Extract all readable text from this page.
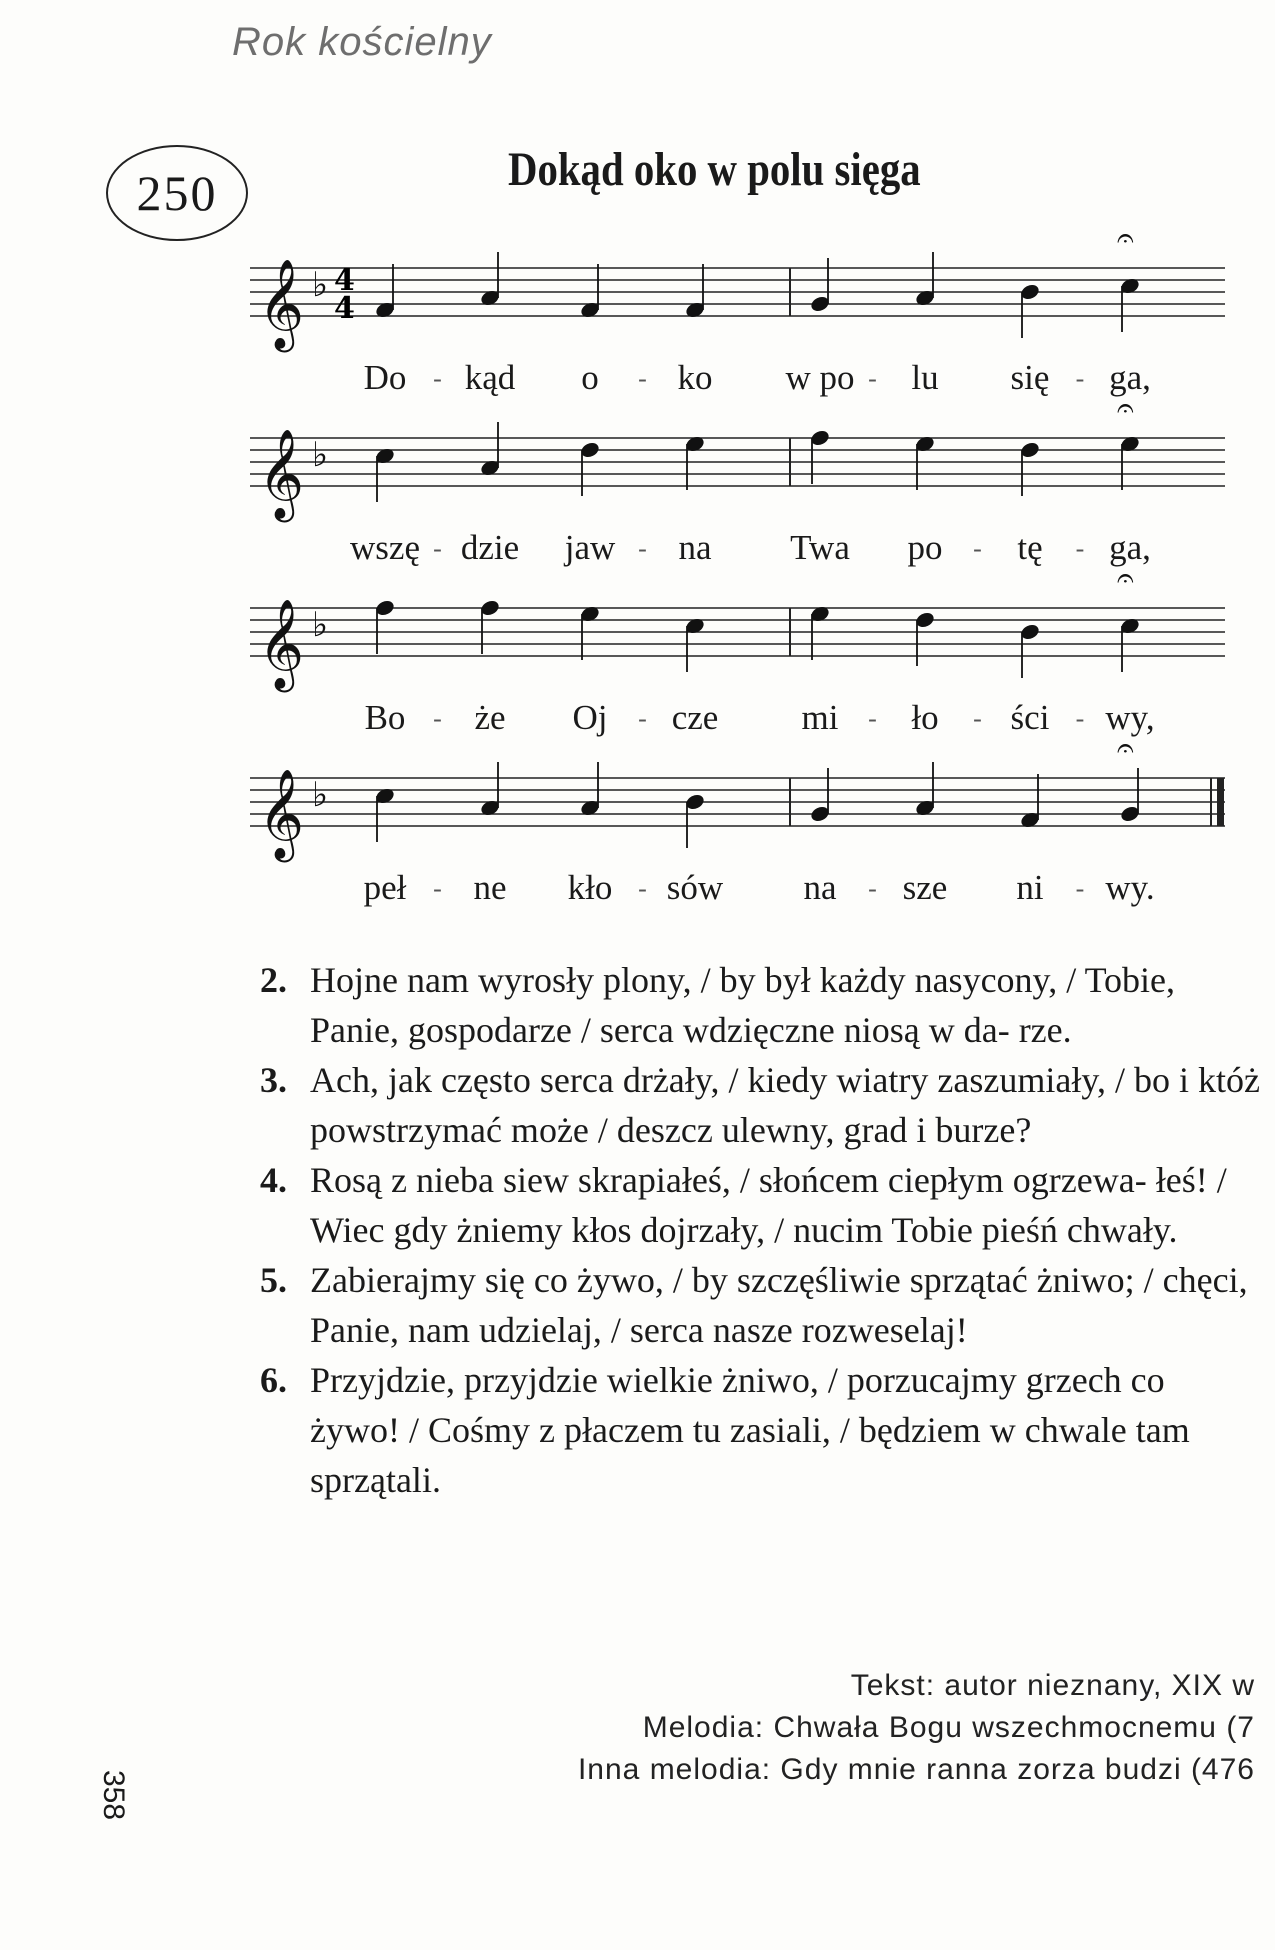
Rok kościelny
250	Dokąd oko w polu sięga
𝄞 ♭ 4
4
𝄐
𝄞 ♭
𝄐
𝄞 ♭
𝄐
𝄞 ♭
𝄐
Do - kąd o - ko w po - lu się - ga,
wszę - dzie jaw - na Twa po - tę - ga,
Bo - że Oj - cze mi - ło - ści - wy,
peł - ne kło - sów na - sze ni - wy.
2. Hojne nam wyrosły plony, / by był każdy nasycony, / Tobie, Panie, gospodarze / serca wdzięczne niosą w da- rze.
3. Ach, jak często serca drżały, / kiedy wiatry zaszumiały, / bo i któż powstrzymać może / deszcz ulewny, grad i burze?
4. Rosą z nieba siew skrapiałeś, / słońcem ciepłym ogrzewa- łeś! / Wiec gdy żniemy kłos dojrzały, / nucim Tobie pieśń chwały.
5. Zabierajmy się co żywo, / by szczęśliwie sprzątać żniwo; / chęci, Panie, nam udzielaj, / serca nasze rozweselaj!
6. Przyjdzie, przyjdzie wielkie żniwo, / porzucajmy grzech co żywo! / Cośmy z płaczem tu zasiali, / będziem w chwale tam sprzątali.
Tekst: autor nieznany, XIX w
Melodia: Chwała Bogu wszechmocnemu (7
Inna melodia: Gdy mnie ranna zorza budzi (476
358
